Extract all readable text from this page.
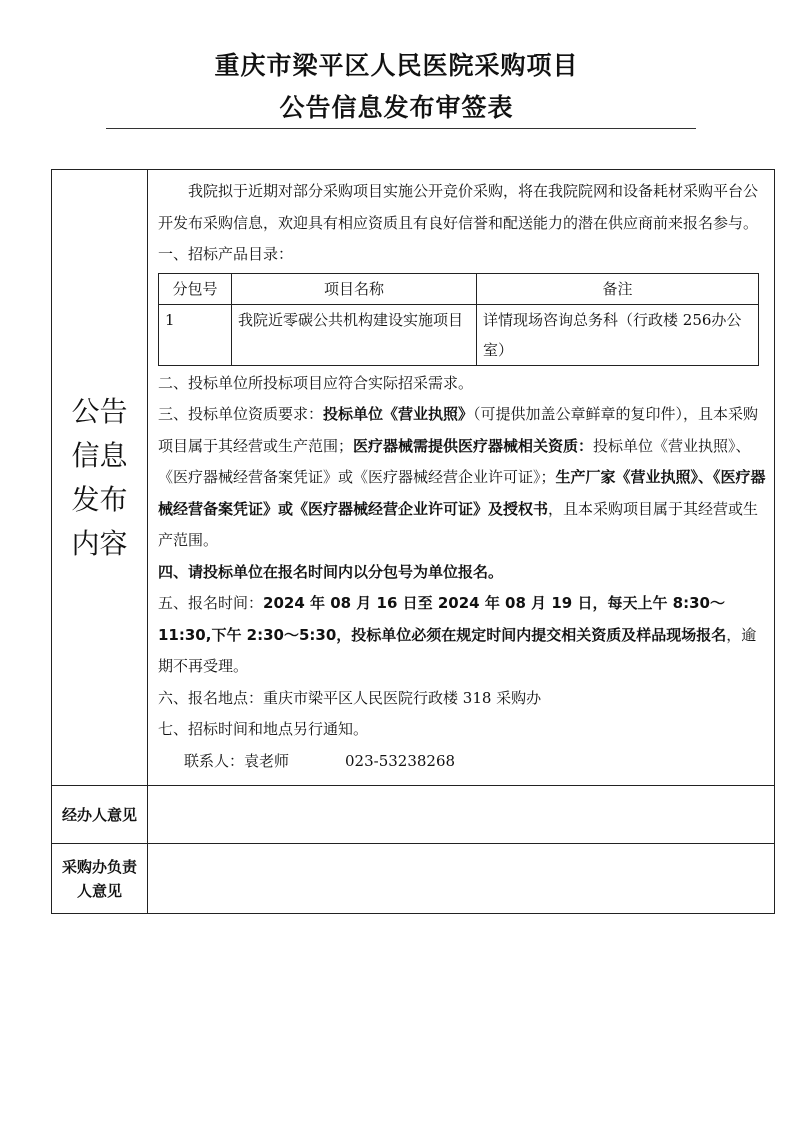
重庆市梁平区人民医院采购项目
公告信息发布审签表
公告
信息
发布
内容

我院拟于近期对部分采购项目实施公开竞价采购，将在我院院网和设备耗材采购平台公开发布采购信息，欢迎具有相应资质且有良好信誉和配送能力的潜在供应商前来报名参与。

一、招标产品目录：

分包号	项目名称	备注
1	我院近零碳公共机构建设实施项目	详情现场咨询总务科（行政楼 256办公室）

二、投标单位所投标项目应符合实际招采需求。

三、投标单位资质要求：投标单位《营业执照》（可提供加盖公章鲜章的复印件），且本采购项目属于其经营或生产范围；医疗器械需提供医疗器械相关资质：投标单位《营业执照》、《医疗器械经营备案凭证》或《医疗器械经营企业许可证》；生产厂家《营业执照》、《医疗器械经营备案凭证》或《医疗器械经营企业许可证》及授权书，且本采购项目属于其经营或生产范围。

四、请投标单位在报名时间内以分包号为单位报名。

五、报名时间：2024 年 08 月 16 日至 2024 年 08 月 19 日，每天上午 8:30～11:30,下午 2:30～5:30，投标单位必须在规定时间内提交相关资质及样品现场报名，逾期不再受理。

六、报名地点：重庆市梁平区人民医院行政楼 318 采购办

七、招标时间和地点另行通知。

联系人：袁老师	023-53238268

经办人意见	
采购办负责人意见	
